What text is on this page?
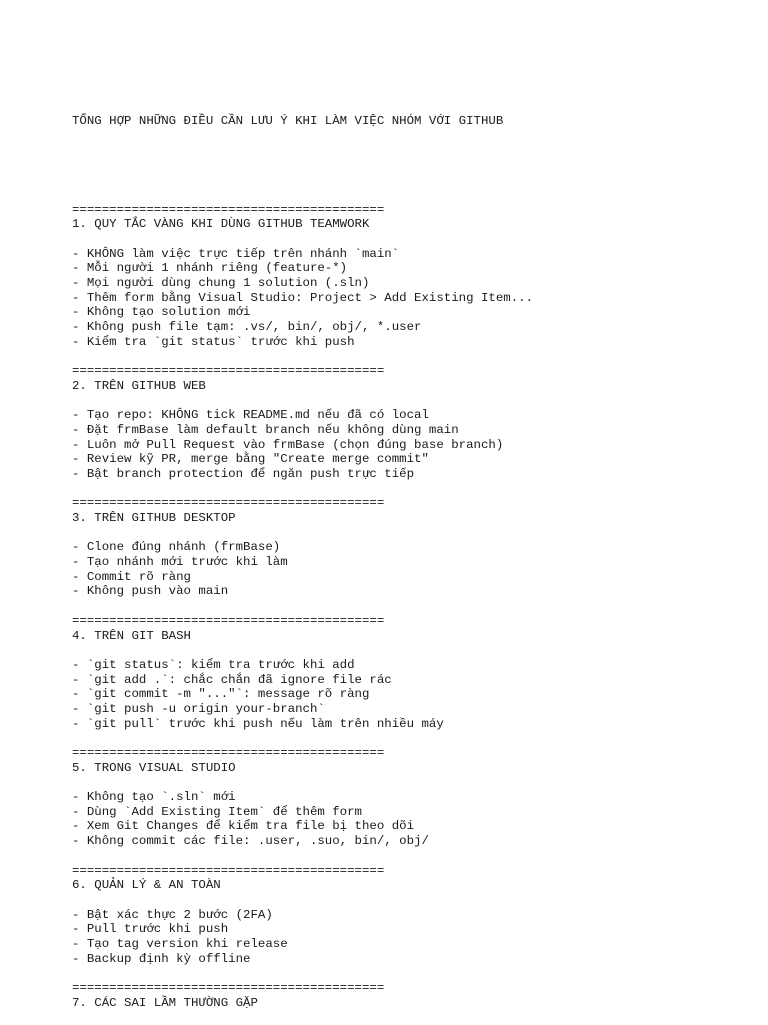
TỔNG HỢP NHỮNG ĐIỀU CẦN LƯU Ý KHI LÀM VIỆC NHÓM VỚI GITHUB

==========================================
1. QUY TẮC VÀNG KHI DÙNG GITHUB TEAMWORK
- KHÔNG làm việc trực tiếp trên nhánh `main`
- Mỗi người 1 nhánh riêng (feature-*)
- Mọi người dùng chung 1 solution (.sln)
- Thêm form bằng Visual Studio: Project > Add Existing Item...
- Không tạo solution mới
- Không push file tạm: .vs/, bin/, obj/, *.user
- Kiểm tra `git status` trước khi push
==========================================
2. TRÊN GITHUB WEB
- Tạo repo: KHÔNG tick README.md nếu đã có local
- Đặt frmBase làm default branch nếu không dùng main
- Luôn mở Pull Request vào frmBase (chọn đúng base branch)
- Review kỹ PR, merge bằng "Create merge commit"
- Bật branch protection để ngăn push trực tiếp
==========================================
3. TRÊN GITHUB DESKTOP
- Clone đúng nhánh (frmBase)
- Tạo nhánh mới trước khi làm
- Commit rõ ràng
- Không push vào main
==========================================
4. TRÊN GIT BASH
- `git status`: kiểm tra trước khi add
- `git add .`: chắc chắn đã ignore file rác
- `git commit -m "..."`: message rõ ràng
- `git push -u origin your-branch`
- `git pull` trước khi push nếu làm trên nhiều máy
==========================================
5. TRONG VISUAL STUDIO
- Không tạo `.sln` mới
- Dùng `Add Existing Item` để thêm form
- Xem Git Changes để kiểm tra file bị theo dõi
- Không commit các file: .user, .suo, bin/, obj/
==========================================
6. QUẢN LÝ & AN TOÀN
- Bật xác thực 2 bước (2FA)
- Pull trước khi push
- Tạo tag version khi release
- Backup định kỳ offline
==========================================
7. CÁC SAI LẦM THƯỜNG GẶP
